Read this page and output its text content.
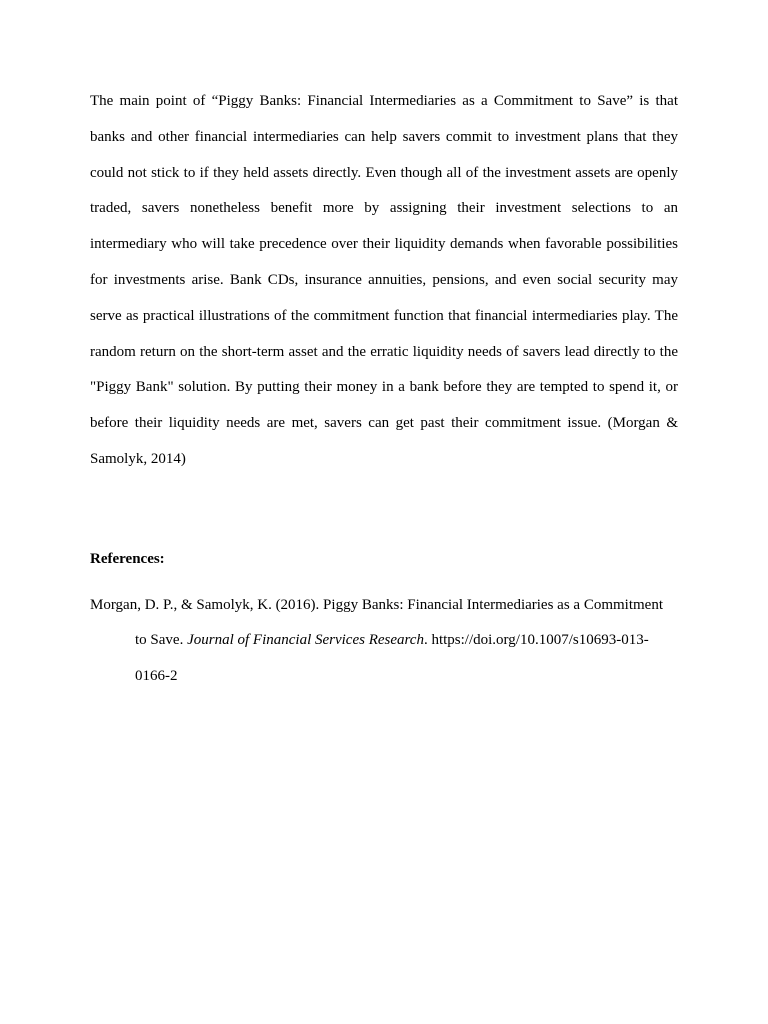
The main point of “Piggy Banks: Financial Intermediaries as a Commitment to Save” is that banks and other financial intermediaries can help savers commit to investment plans that they could not stick to if they held assets directly. Even though all of the investment assets are openly traded, savers nonetheless benefit more by assigning their investment selections to an intermediary who will take precedence over their liquidity demands when favorable possibilities for investments arise. Bank CDs, insurance annuities, pensions, and even social security may serve as practical illustrations of the commitment function that financial intermediaries play. The random return on the short-term asset and the erratic liquidity needs of savers lead directly to the "Piggy Bank" solution. By putting their money in a bank before they are tempted to spend it, or before their liquidity needs are met, savers can get past their commitment issue. (Morgan & Samolyk, 2014)

References:

Morgan, D. P., & Samolyk, K. (2016). Piggy Banks: Financial Intermediaries as a Commitment to Save. Journal of Financial Services Research. https://doi.org/10.1007/s10693-013-0166-2
